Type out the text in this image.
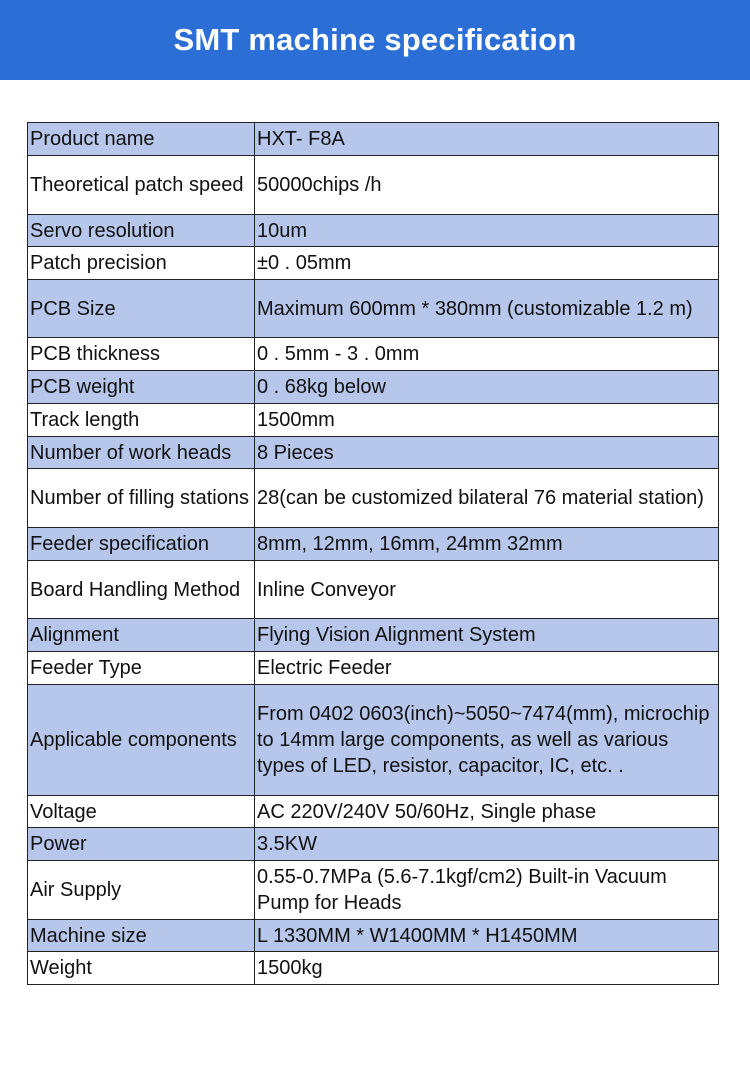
SMT machine specification
Product name	HXT- F8A
Theoretical patch speed	50000chips /h
Servo resolution	10um
Patch precision	±0 . 05mm
PCB Size	Maximum 600mm * 380mm (customizable 1.2 m)
PCB thickness	0 . 5mm - 3 . 0mm
PCB weight	0 . 68kg below
Track length	1500mm
Number of work heads	8 Pieces
Number of filling stations	28(can be customized bilateral 76 material station)
Feeder specification	8mm, 12mm, 16mm, 24mm 32mm
Board Handling Method	Inline Conveyor
Alignment	Flying Vision Alignment System
Feeder Type	Electric Feeder
Applicable components	From 0402 0603(inch)~5050~7474(mm), microchip to 14mm large components, as well as various types of LED, resistor, capacitor, IC, etc. .
Voltage	AC 220V/240V 50/60Hz, Single phase
Power	3.5KW
Air Supply	0.55-0.7MPa (5.6-7.1kgf/cm2) Built-in Vacuum Pump for Heads
Machine size	L 1330MM * W1400MM * H1450MM
Weight	1500kg
